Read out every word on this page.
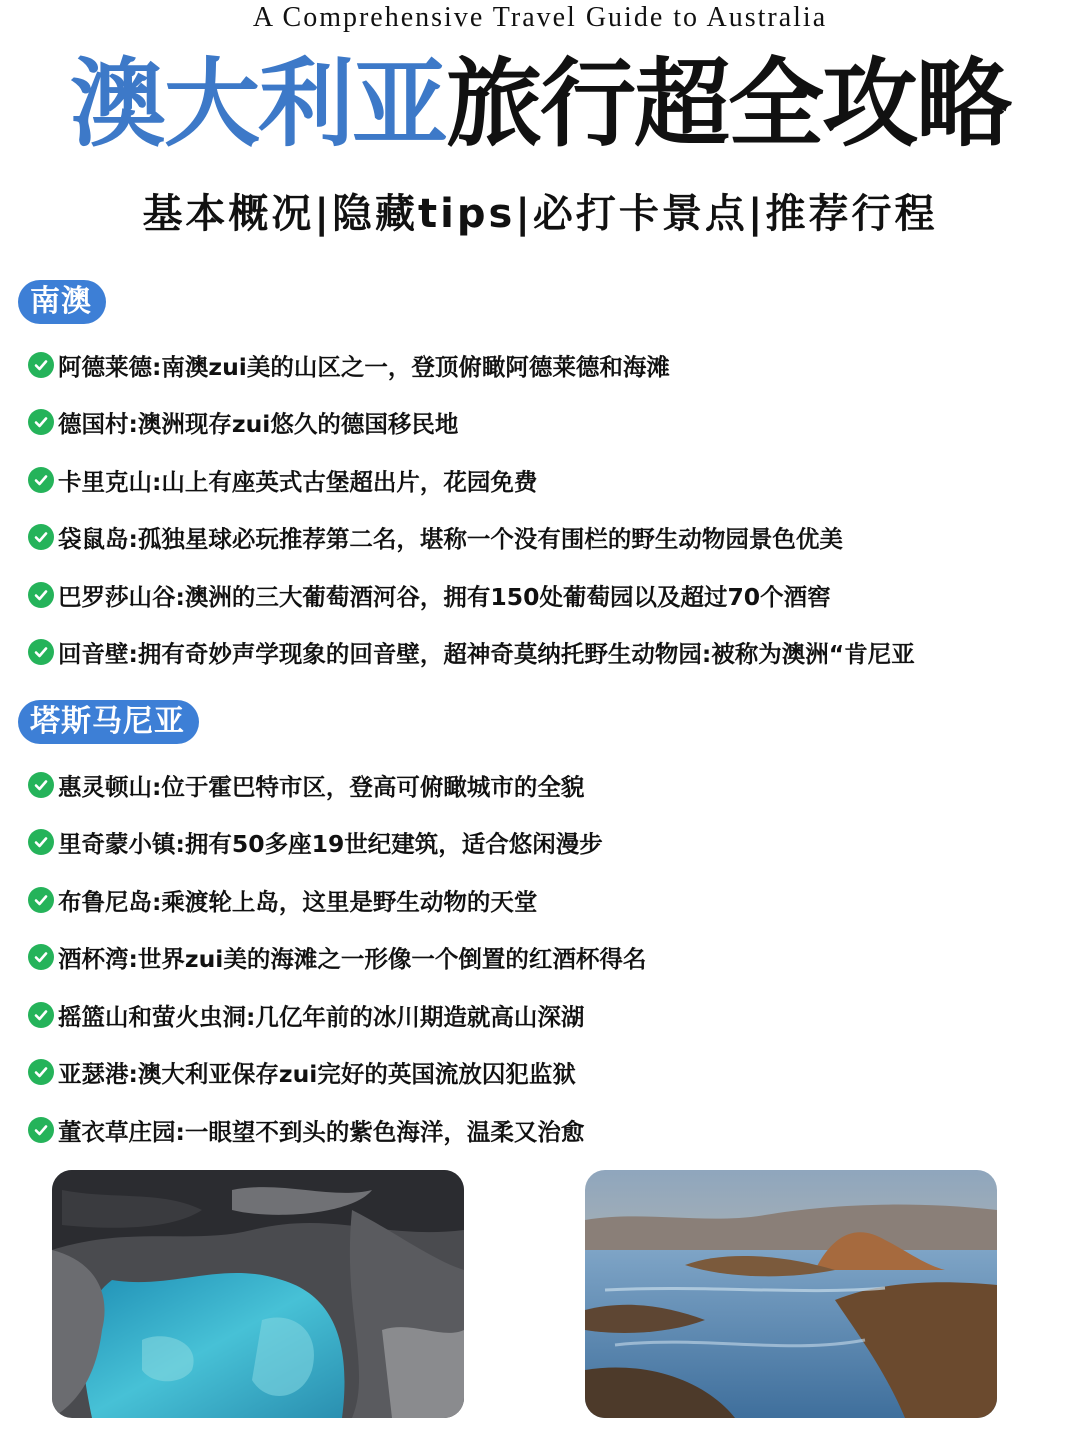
A Comprehensive Travel Guide to Australia
澳大利亚旅行超全攻略
基本概况|隐藏tips|必打卡景点|推荐行程
南澳
阿德莱德:南澳zui美的山区之一，登顶俯瞰阿德莱德和海滩
德国村:澳洲现存zui悠久的德国移民地
卡里克山:山上有座英式古堡超出片，花园免费
袋鼠岛:孤独星球必玩推荐第二名，堪称一个没有围栏的野生动物园景色优美
巴罗莎山谷:澳洲的三大葡萄酒河谷，拥有150处葡萄园以及超过70个酒窖
回音壁:拥有奇妙声学现象的回音壁，超神奇莫纳托野生动物园:被称为澳洲“肯尼亚
塔斯马尼亚
惠灵顿山:位于霍巴特市区，登高可俯瞰城市的全貌
里奇蒙小镇:拥有50多座19世纪建筑，适合悠闲漫步
布鲁尼岛:乘渡轮上岛，这里是野生动物的天堂
酒杯湾:世界zui美的海滩之一形像一个倒置的红酒杯得名
摇篮山和萤火虫洞:几亿年前的冰川期造就高山深湖
亚瑟港:澳大利亚保存zui完好的英国流放囚犯监狱
董衣草庄园:一眼望不到头的紫色海洋，温柔又治愈
